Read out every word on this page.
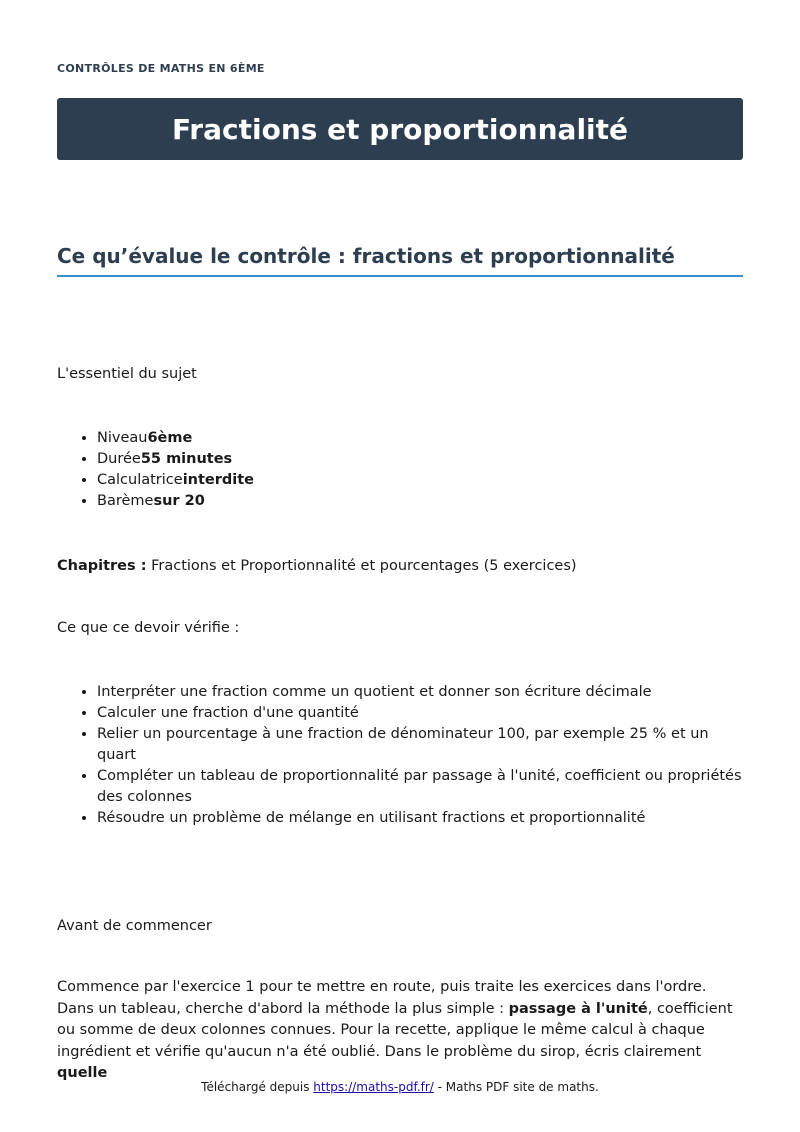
CONTRÔLES DE MATHS EN 6ÈME
Fractions et proportionnalité
Ce qu’évalue le contrôle : fractions et proportionnalité

L'essentiel du sujet

• Niveau6ème
• Durée55 minutes
• Calculatriceinterdite
• Barèmesur 20

Chapitres : Fractions et Proportionnalité et pourcentages (5 exercices)

Ce que ce devoir vérifie :

• Interpréter une fraction comme un quotient et donner son écriture décimale
• Calculer une fraction d'une quantité
• Relier un pourcentage à une fraction de dénominateur 100, par exemple 25 % et un quart
• Compléter un tableau de proportionnalité par passage à l'unité, coefficient ou propriétés des colonnes
• Résoudre un problème de mélange en utilisant fractions et proportionnalité

Avant de commencer

Commence par l'exercice 1 pour te mettre en route, puis traite les exercices dans l'ordre. Dans un tableau, cherche d'abord la méthode la plus simple : passage à l'unité, coefficient ou somme de deux colonnes connues. Pour la recette, applique le même calcul à chaque ingrédient et vérifie qu'aucun n'a été oublié. Dans le problème du sirop, écris clairement quelle

Téléchargé depuis https://maths-pdf.fr/ - Maths PDF site de maths.
